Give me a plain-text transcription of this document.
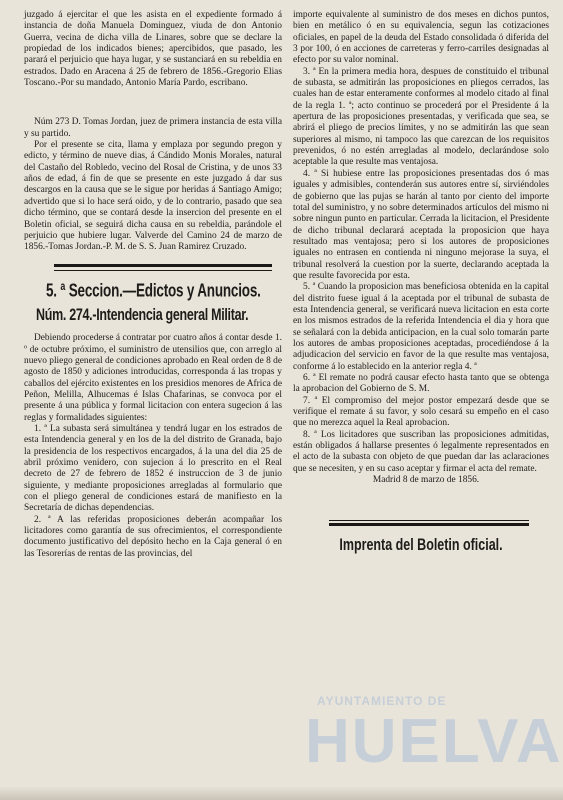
juzgado á ejercitar el que les asista en el expediente formado á instancia de doña Manuela Dominguez, viuda de don Antonio Guerra, vecina de dicha villa de Linares, sobre que se declare la propiedad de los indicados bienes; apercibidos, que pasado, les parará el perjuicio que haya lugar, y se sustanciará en su rebeldia en estrados. Dado en Aracena á 25 de febrero de 1856.-Gregorio Elias Toscano.-Por su mandado, Antonio María Pardo, escribano.

Núm 273 D. Tomas Jordan, juez de primera instancia de esta villa y su partido.

Por el presente se cita, llama y emplaza por segundo pregon y edicto, y término de nueve dias, á Cándido Monis Morales, natural del Castaño del Robledo, vecino del Rosal de Cristina, y de unos 33 años de edad, á fin de que se presente en este juzgado á dar sus descargos en la causa que se le sigue por heridas á Santiago Amigo; advertido que si lo hace será oido, y de lo contrario, pasado que sea dicho término, que se contará desde la insercion del presente en el Boletin oficial, se seguirá dicha causa en su rebeldia, parándole el perjuicio que hubiere lugar. Valverde del Camino 24 de marzo de 1856.-Tomas Jordan.-P. M. de S. S. Juan Ramirez Cruzado.

5. ª Seccion.—Edictos y Anuncios.
Núm. 274.-Intendencia general Militar.

Debiendo procederse á contratar por cuatro años á contar desde 1. º de octubre próximo, el suministro de utensilios que, con arreglo al nuevo pliego general de condiciones aprobado en Real orden de 8 de agosto de 1850 y adiciones introducidas, corresponda á las tropas y caballos del ejército existentes en los presidios menores de Africa de Peñon, Melilla, Alhucemas é Islas Chafarinas, se convoca por el presente á una pública y formal licitacion con entera sugecion á las reglas y formalidades siguientes:

1. ª La subasta será simultánea y tendrá lugar en los estrados de esta Intendencia general y en los de la del distrito de Granada, bajo la presidencia de los respectivos encargados, á la una del dia 25 de abril próximo venidero, con sujecion á lo prescrito en el Real decreto de 27 de febrero de 1852 é instruccion de 3 de junio siguiente, y mediante proposiciones arregladas al formulario que con el pliego general de condiciones estará de manifiesto en la Secretaría de dichas dependencias.

2. ª A las referidas proposiciones deberán acompañar los licitadores como garantía de sus ofrecimientos, el correspondiente documento justificativo del depósito hecho en la Caja general ó en las Tesorerías de rentas de las provincias, del

importe equivalente al suministro de dos meses en dichos puntos, bien en metálico ó en su equivalencia, segun las cotizaciones oficiales, en papel de la deuda del Estado consolidada ó diferida del 3 por 100, ó en acciones de carreteras y ferro-carriles designadas al efecto por su valor nominal.

3. ª En la primera media hora, despues de constituido el tribunal de subasta, se admitirán las proposiciones en pliegos cerrados, las cuales han de estar enteramente conformes al modelo citado al final de la regla 1. ª; acto continuo se procederá por el Presidente á la apertura de las proposiciones presentadas, y verificada que sea, se abrirá el pliego de precios límites, y no se admitirán las que sean superiores al mismo, ni tampoco las que carezcan de los requisitos prevenidos, ó no estén arregladas al modelo, declarándose solo aceptable la que resulte mas ventajosa.

4. ª Si hubiese entre las proposiciones presentadas dos ó mas iguales y admisibles, contenderán sus autores entre sí, sirviéndoles de gobierno que las pujas se harán al tanto por ciento del importe total del suministro, y no sobre determinados artículos del mismo ni sobre ningun punto en particular. Cerrada la licitacion, el Presidente de dicho tribunal declarará aceptada la proposicion que haya resultado mas ventajosa; pero si los autores de proposiciones iguales no entrasen en contienda ni ninguno mejorase la suya, el tribunal resolverá la cuestion por la suerte, declarando aceptada la que resulte favorecida por esta.

5. ª Cuando la proposicion mas beneficiosa obtenida en la capital del distrito fuese igual á la aceptada por el tribunal de subasta de esta Intendencia general, se verificará nueva licitacion en esta corte en los mismos estrados de la referida Intendencia el dia y hora que se señalará con la debida anticipacion, en la cual solo tomarán parte los autores de ambas proposiciones aceptadas, procediéndose á la adjudicacion del servicio en favor de la que resulte mas ventajosa, conforme á lo establecido en la anterior regla 4. ª

6. ª El remate no podrá causar efecto hasta tanto que se obtenga la aprobacion del Gobierno de S. M.

7. ª El compromiso del mejor postor empezará desde que se verifique el remate á su favor, y solo cesará su empeño en el caso que no merezca aquel la Real aprobacion.

8. ª Los licitadores que suscriban las proposiciones admitidas, están obligados á hallarse presentes ó legalmente representados en el acto de la subasta con objeto de que puedan dar las aclaraciones que se necesiten, y en su caso aceptar y firmar el acta del remate.

Madrid 8 de marzo de 1856.

Imprenta del Boletin oficial.
AYUNTAMIENTO DE
HUELVA
